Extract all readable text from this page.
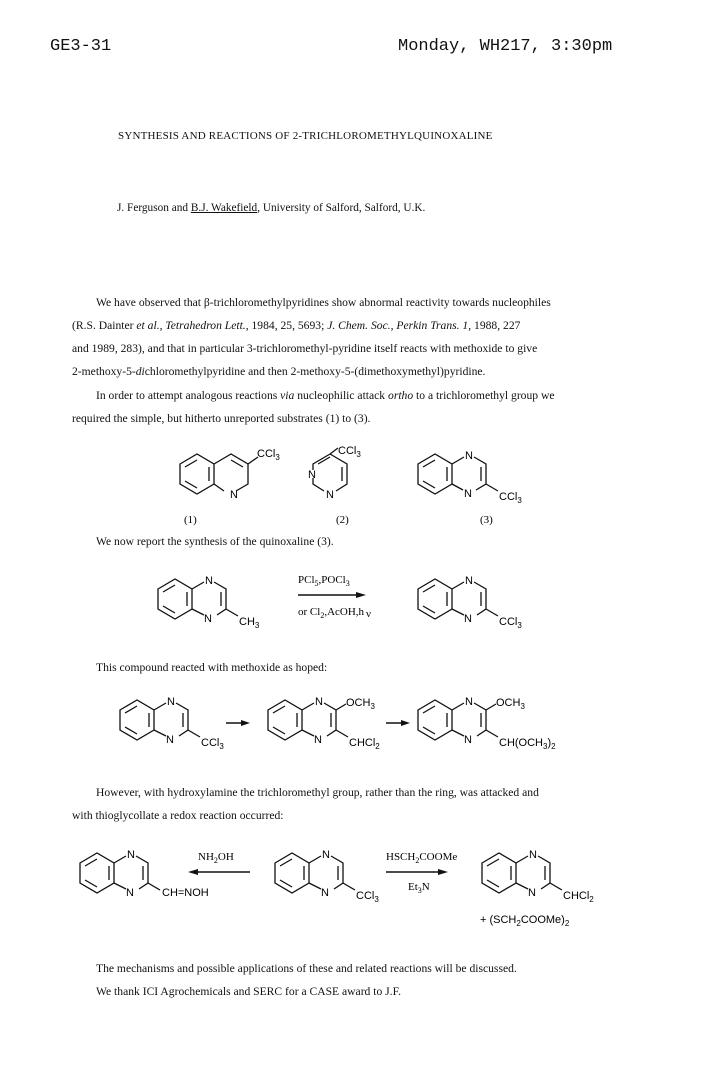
GE3-31	Monday, WH217, 3:30pm
SYNTHESIS AND REACTIONS OF 2-TRICHLOROMETHYLQUINOXALINE
J. Ferguson and B.J. Wakefield, University of Salford, Salford, U.K.
We have observed that β-trichloromethylpyridines show abnormal reactivity towards nucleophiles
(R.S. Dainter et al., Tetrahedron Lett., 1984, 25, 5693; J. Chem. Soc., Perkin Trans. 1, 1988, 227
and 1989, 283), and that in particular 3-trichloromethyl-pyridine itself reacts with methoxide to give
2-methoxy-5-dichloromethylpyridine and then 2-methoxy-5-(dimethoxymethyl)pyridine.
In order to attempt analogous reactions via nucleophilic attack ortho to a trichloromethyl group we
required the simple, but hitherto unreported substrates (1) to (3).
N
CCl$_3$
N
N
CCl$_3$	N
N CCl$_3$
(1)	(2)	(3)
We now report the synthesis of the quinoxaline (3).
N
N $CH_3$
PCl$_5$,POCl$_3$
or $Cl_2,AcOH,h$ ν
N
N CCl$_3$
This compound reacted with methoxide as hoped:
N
N CCl$_3$
N
N
$OCH_3$
CHCl$_2$
N
N
$OCH_3$
$CH(OCH_3)_2$
However, with hydroxylamine the trichloromethyl group, rather than the ring, was attacked and
with thioglycollate a redox reaction occurred:
N
N	CH=NOH
$NH_2OH$	N
N CCl$_3$
$HSCH_2COOMe$
$Et_3N$
N
N CHCl$_2$
+ $(SCH_2COOMe)_2$
The mechanisms and possible applications of these and related reactions will be discussed.
We thank ICI Agrochemicals and SERC for a CASE award to J.F.
